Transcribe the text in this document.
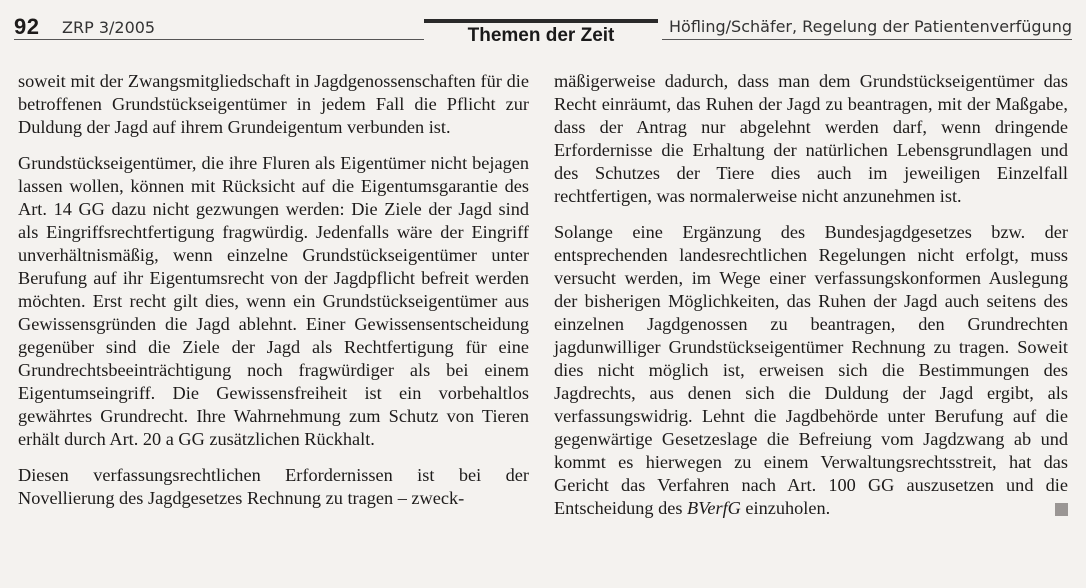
92 ZRP 3/2005	Themen der Zeit	Höfling/Schäfer, Regelung der Patientenverfügung

soweit mit der Zwangsmitgliedschaft in Jagdgenossenschaften für die betroffenen Grundstückseigentümer in jedem Fall die Pflicht zur Duldung der Jagd auf ihrem Grundeigentum verbunden ist.

Grundstückseigentümer, die ihre Fluren als Eigentümer nicht bejagen lassen wollen, können mit Rücksicht auf die Eigentumsgarantie des Art. 14 GG dazu nicht gezwungen werden: Die Ziele der Jagd sind als Eingriffsrechtfertigung fragwürdig. Jedenfalls wäre der Eingriff unverhältnismäßig, wenn einzelne Grundstückseigentümer unter Berufung auf ihr Eigentumsrecht von der Jagdpflicht befreit werden möchten. Erst recht gilt dies, wenn ein Grundstückseigentümer aus Gewissensgründen die Jagd ablehnt. Einer Gewissensentscheidung gegenüber sind die Ziele der Jagd als Rechtfertigung für eine Grundrechtsbeeinträchtigung noch fragwürdiger als bei einem Eigentumseingriff. Die Gewissensfreiheit ist ein vorbehaltlos gewährtes Grundrecht. Ihre Wahrnehmung zum Schutz von Tieren erhält durch Art. 20 a GG zusätzlichen Rückhalt.

Diesen verfassungsrechtlichen Erfordernissen ist bei der Novellierung des Jagdgesetzes Rechnung zu tragen – zweck-

mäßigerweise dadurch, dass man dem Grundstückseigentümer das Recht einräumt, das Ruhen der Jagd zu beantragen, mit der Maßgabe, dass der Antrag nur abgelehnt werden darf, wenn dringende Erfordernisse die Erhaltung der natürlichen Lebensgrundlagen und des Schutzes der Tiere dies auch im jeweiligen Einzelfall rechtfertigen, was normalerweise nicht anzunehmen ist.

Solange eine Ergänzung des Bundesjagdgesetzes bzw. der entsprechenden landesrechtlichen Regelungen nicht erfolgt, muss versucht werden, im Wege einer verfassungskonformen Auslegung der bisherigen Möglichkeiten, das Ruhen der Jagd auch seitens des einzelnen Jagdgenossen zu beantragen, den Grundrechten jagdunwilliger Grundstückseigentümer Rechnung zu tragen. Soweit dies nicht möglich ist, erweisen sich die Bestimmungen des Jagdrechts, aus denen sich die Duldung der Jagd ergibt, als verfassungswidrig. Lehnt die Jagdbehörde unter Berufung auf die gegenwärtige Gesetzeslage die Befreiung vom Jagdzwang ab und kommt es hierwegen zu einem Verwaltungsrechtsstreit, hat das Gericht das Verfahren nach Art. 100 GG auszusetzen und die Entscheidung des BVerfG einzuholen.
